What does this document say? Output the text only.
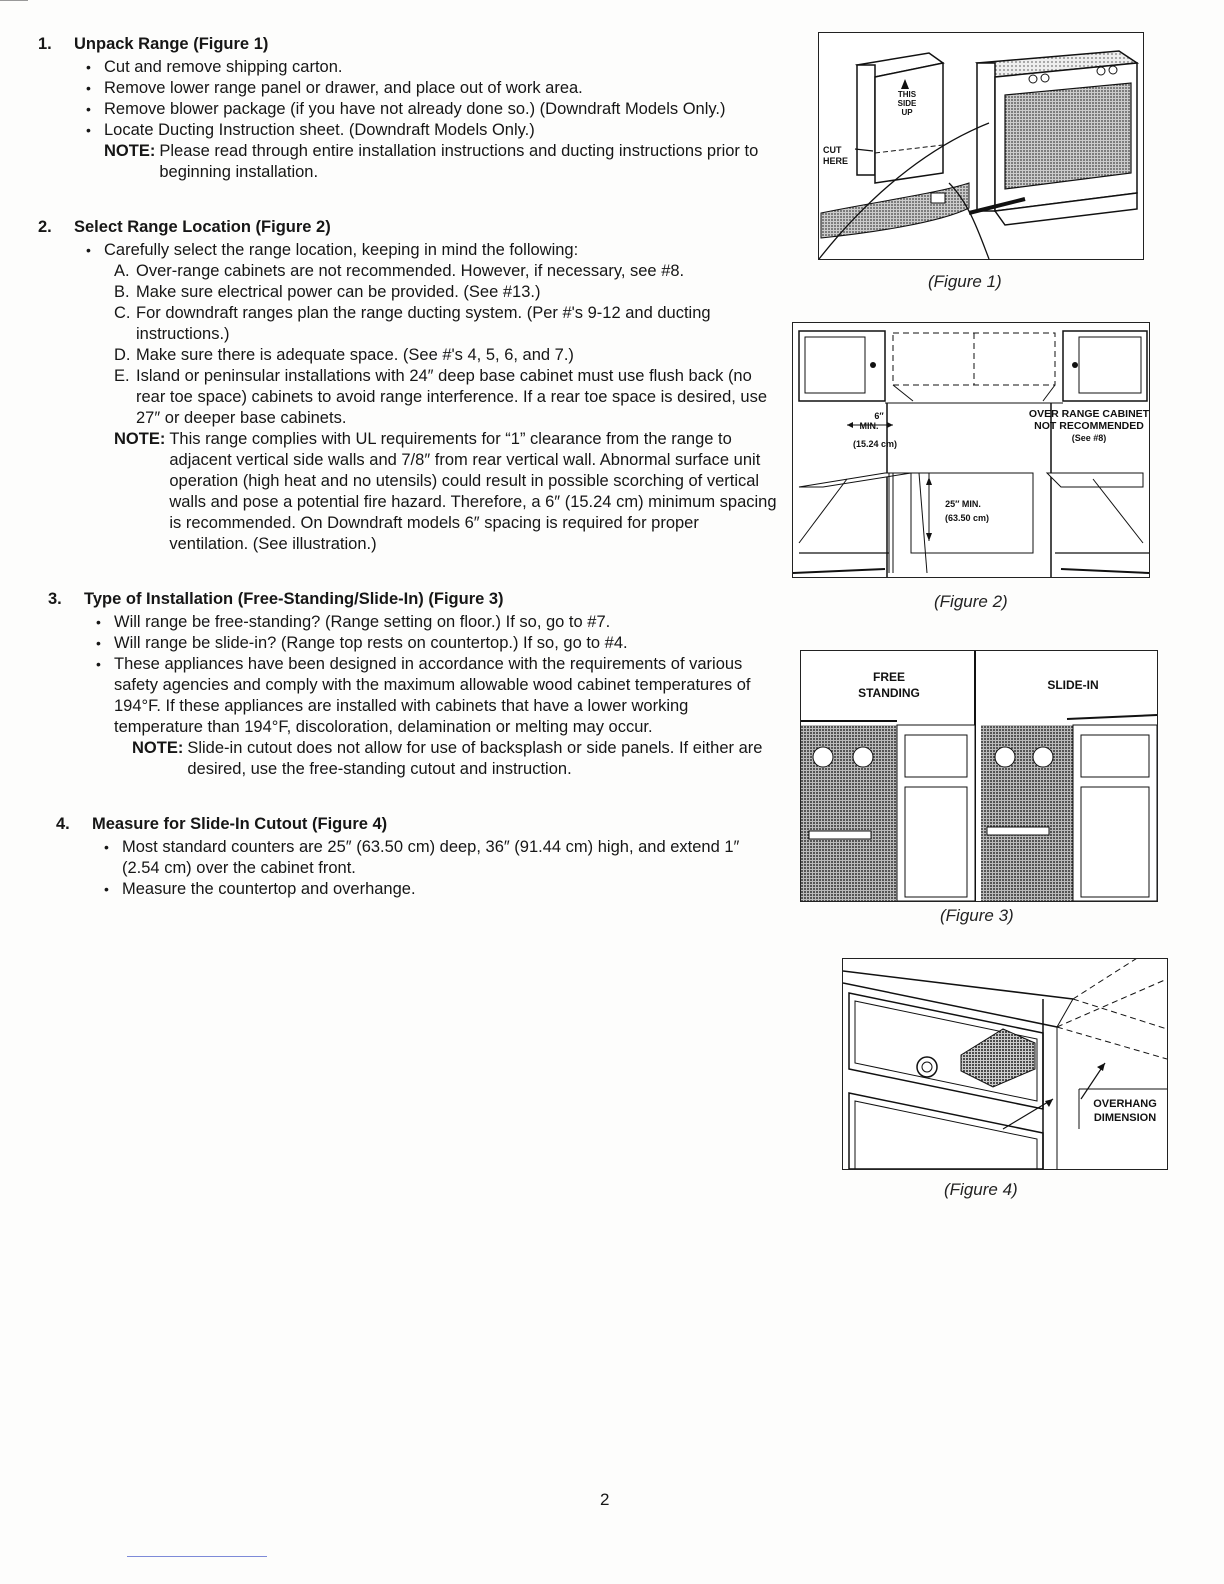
1.	Unpack Range (Figure 1)
• Cut and remove shipping carton.
• Remove lower range panel or drawer, and place out of work area.
• Remove blower package (if you have not already done so.) (Downdraft Models Only.)
• Locate Ducting Instruction sheet. (Downdraft Models Only.)
NOTE: Please read through entire installation instructions and ducting instructions prior to beginning installation.
2.	Select Range Location (Figure 2)
• Carefully select the range location, keeping in mind the following:
A. Over-range cabinets are not recommended. However, if necessary, see #8.
B. Make sure electrical power can be provided. (See #13.)
C. For downdraft ranges plan the range ducting system. (Per #'s 9-12 and ducting instructions.)
D. Make sure there is adequate space. (See #'s 4, 5, 6, and 7.)
E. Island or peninsular installations with 24″ deep base cabinet must use flush back (no rear toe space) cabinets to avoid range interference. If a rear toe space is desired, use 27″ or deeper base cabinets.
NOTE: This range complies with UL requirements for “1” clearance from the range to adjacent vertical side walls and 7/8″ from rear vertical wall. Abnormal surface unit operation (high heat and no utensils) could result in possible scorching of vertical walls and pose a potential fire hazard. Therefore, a 6″ (15.24 cm) minimum spacing is recommended. On Downdraft models 6″ spacing is required for proper ventilation. (See illustration.)
3.	Type of Installation (Free-Standing/Slide-In) (Figure 3)
• Will range be free-standing? (Range setting on floor.) If so, go to #7.
• Will range be slide-in? (Range top rests on countertop.) If so, go to #4.
• These appliances have been designed in accordance with the requirements of various safety agencies and comply with the maximum allowable wood cabinet temperatures of 194°F. If these appliances are installed with cabinets that have a lower working temperature than 194°F, discoloration, delamination or melting may occur.
NOTE: Slide-in cutout does not allow for use of backsplash or side panels. If either are desired, use the free-standing cutout and instruction.
4.	Measure for Slide-In Cutout (Figure 4)
• Most standard counters are 25″ (63.50 cm) deep, 36″ (91.44 cm) high, and extend 1″ (2.54 cm) over the cabinet front.
• Measure the countertop and overhange.
THIS
SIDE
UP
CUT
HERE
(Figure 1)
OVER RANGE CABINET
NOT RECOMMENDED
(See #8)
6″
MIN.
(15.24 cm)
25″ MIN.
(63.50 cm)
(Figure 2)
FREE
STANDING
SLIDE-IN
(Figure 3)
OVERHANG
DIMENSION
(Figure 4)
2
